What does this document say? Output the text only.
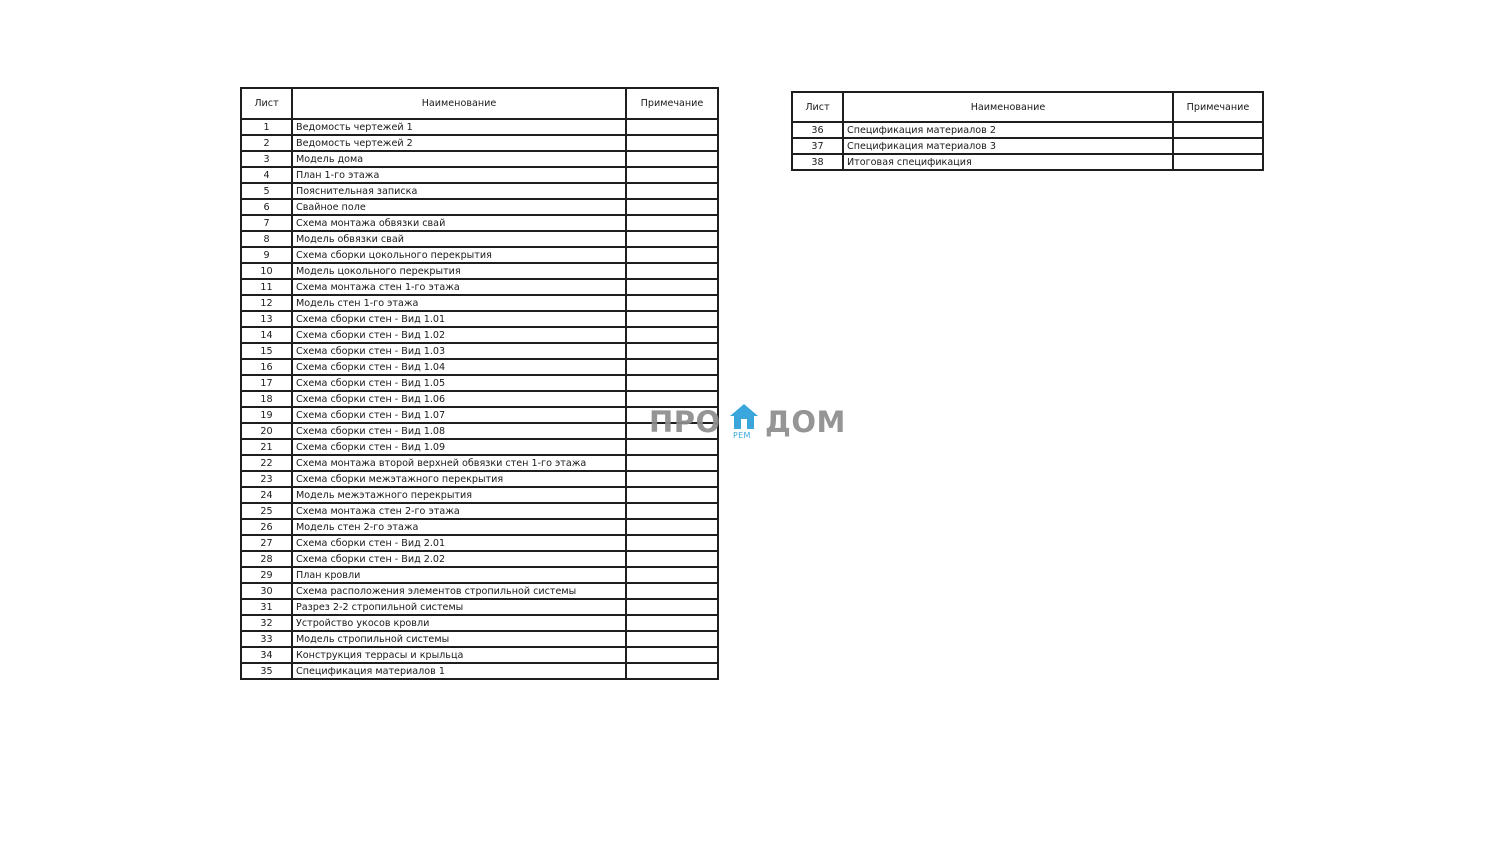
Лист	Наименование	Примечание
1	Ведомость чертежей 1	
2	Ведомость чертежей 2	
3	Модель дома	
4	План 1-го этажа	
5	Пояснительная записка	
6	Свайное поле	
7	Схема монтажа обвязки свай	
8	Модель обвязки свай	
9	Схема сборки цокольного перекрытия	
10	Модель цокольного перекрытия	
11	Схема монтажа стен 1-го этажа	
12	Модель стен 1-го этажа	
13	Схема сборки стен - Вид 1.01	
14	Схема сборки стен - Вид 1.02	
15	Схема сборки стен - Вид 1.03	
16	Схема сборки стен - Вид 1.04	
17	Схема сборки стен - Вид 1.05	
18	Схема сборки стен - Вид 1.06	
19	Схема сборки стен - Вид 1.07	
20	Схема сборки стен - Вид 1.08	
21	Схема сборки стен - Вид 1.09	
22	Схема монтажа второй верхней обвязки стен 1-го этажа	
23	Схема сборки межэтажного перекрытия	
24	Модель межэтажного перекрытия	
25	Схема монтажа стен 2-го этажа	
26	Модель стен 2-го этажа	
27	Схема сборки стен - Вид 2.01	
28	Схема сборки стен - Вид 2.02	
29	План кровли	
30	Схема расположения элементов стропильной системы	
31	Разрез 2-2 стропильной системы	
32	Устройство укосов кровли	
33	Модель стропильной системы	
34	Конструкция террасы и крыльца	
35	Спецификация материалов 1	
Лист	Наименование	Примечание
36	Спецификация материалов 2	
37	Спецификация материалов 3	
38	Итоговая спецификация	
ПРО РЕМ ДОМ
